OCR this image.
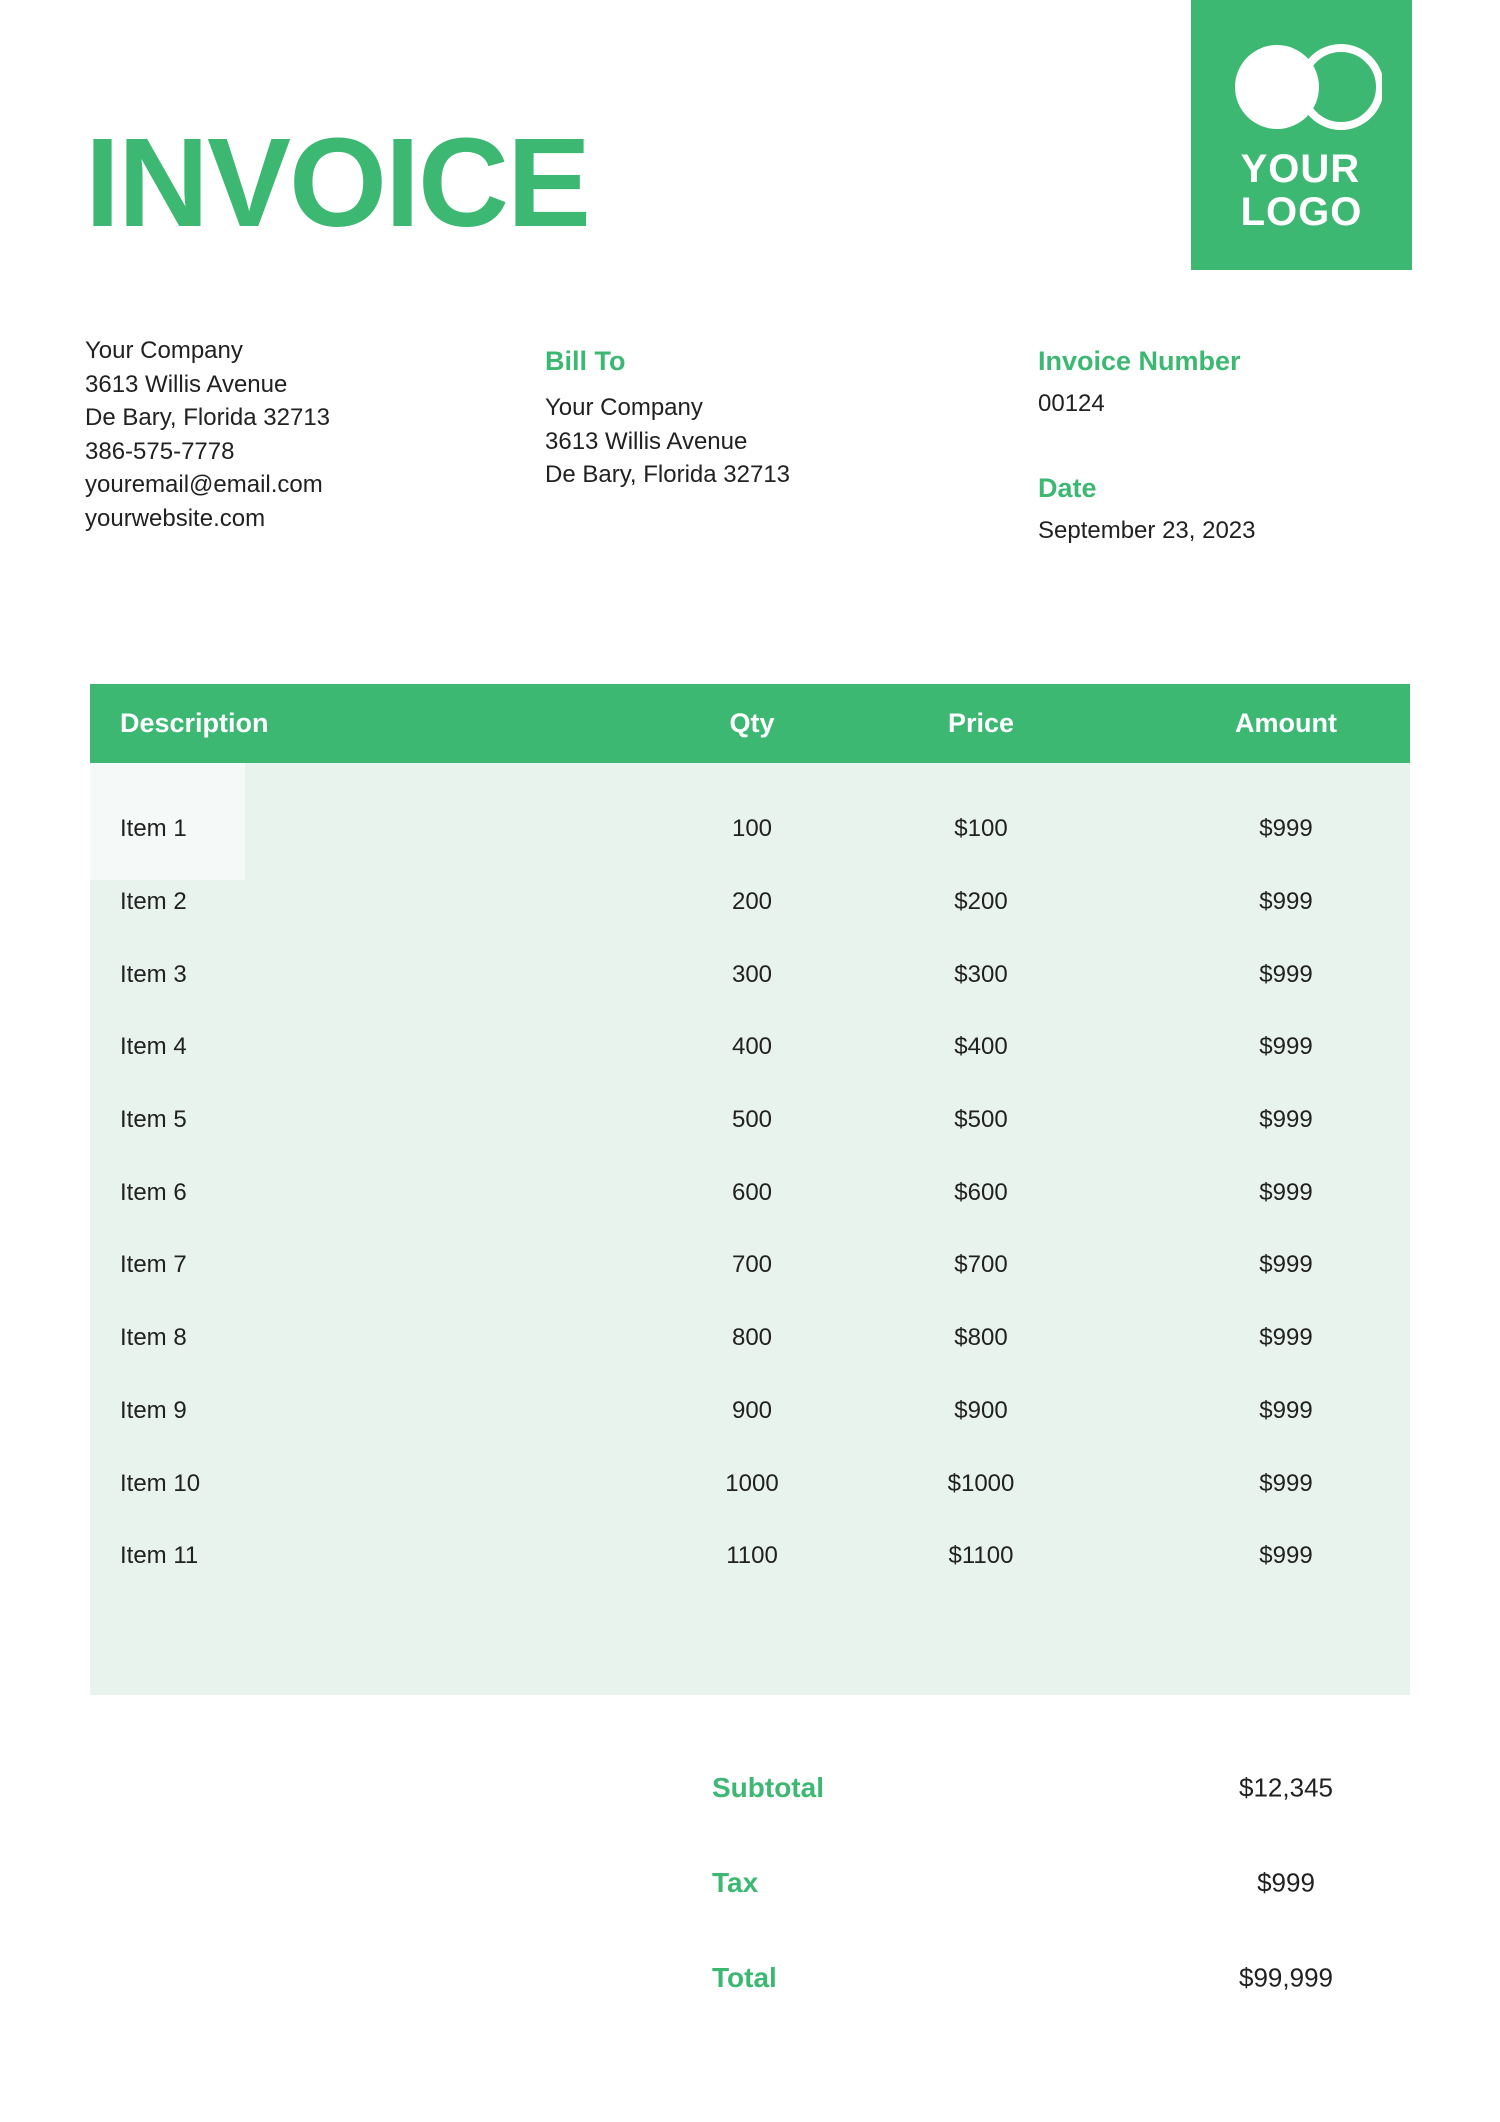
YOUR
LOGO
INVOICE
Your Company
3613 Willis Avenue
De Bary, Florida 32713
386-575-7778
youremail@email.com
yourwebsite.com
Bill To
Your Company
3613 Willis Avenue
De Bary, Florida 32713
Invoice Number
00124
Date
September 23, 2023
Description	Qty	Price	Amount
Item 1	100	$100	$999
Item 2	200	$200	$999
Item 3	300	$300	$999
Item 4	400	$400	$999
Item 5	500	$500	$999
Item 6	600	$600	$999
Item 7	700	$700	$999
Item 8	800	$800	$999
Item 9	900	$900	$999
Item 10	1000	$1000	$999
Item 11	1100	$1100	$999
Subtotal	$12,345
Tax	$999
Total	$99,999
